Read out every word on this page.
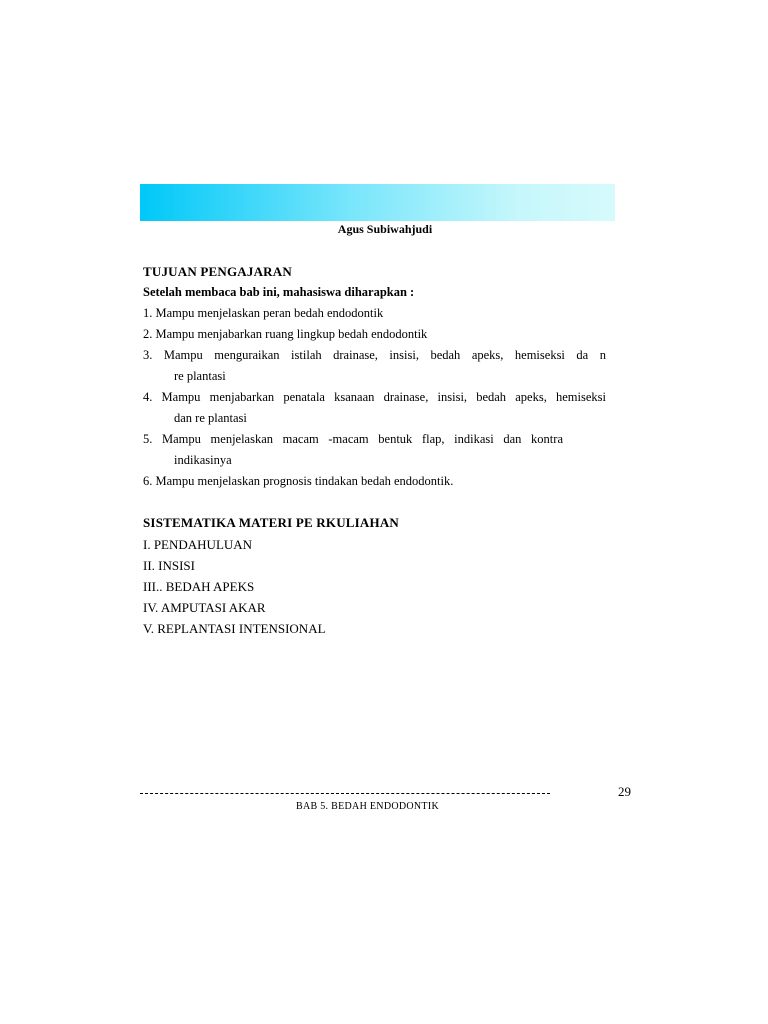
Agus Subiwahjudi
TUJUAN PENGAJARAN
Setelah membaca bab ini, mahasiswa diharapkan :
1. Mampu menjelaskan peran bedah endodontik
2. Mampu menjabarkan ruang lingkup bedah endodontik
3. Mampu menguraikan istilah drainase, insisi, bedah apeks, hemiseksi da n
re plantasi
4. Mampu menjabarkan penatala ksanaan drainase, insisi, bedah apeks, hemiseksi
dan re plantasi
5. Mampu menjelaskan macam -macam bentuk flap, indikasi dan kontra
indikasinya
6. Mampu menjelaskan prognosis tindakan bedah endodontik.
SISTEMATIKA MATERI PE RKULIAHAN
I. PENDAHULUAN
II. INSISI
III.. BEDAH APEKS
IV. AMPUTASI AKAR
V. REPLANTASI INTENSIONAL
29
BAB 5. BEDAH ENDODONTIK
